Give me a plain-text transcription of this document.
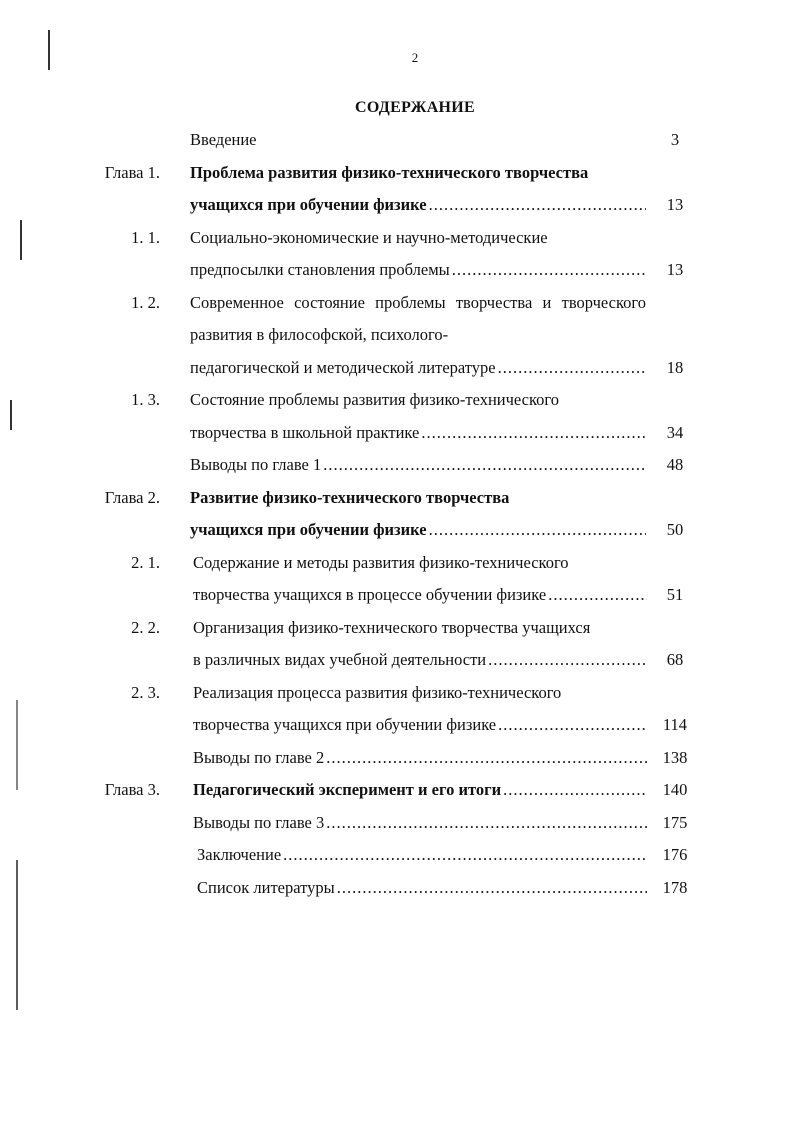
2
СОДЕРЖАНИЕ
Введение	3
Глава 1. Проблема развития физико-технического творчества
учащихся при обучении физике .....	13
1. 1. Социально-экономические и научно-методические
предпосылки становления проблемы .....	13
1. 2. Современное состояние проблемы творчества и творческого развития в философской, психолого-
педагогической и методической литературе .....	18
1. 3. Состояние проблемы развития физико-технического
творчества в школьной практике .....	34
Выводы по главе 1 .....	48
Глава 2. Развитие физико-технического творчества
учащихся при обучении физике .....	50
2. 1. Содержание и методы развития физико-технического
творчества учащихся в процессе обучении физике .....	51
2. 2. Организация физико-технического творчества учащихся
в различных видах учебной деятельности .....	68
2. 3. Реализация процесса развития физико-технического
творчества учащихся при обучении физике .....	114
Выводы по главе 2 .....	138
Глава 3. Педагогический эксперимент и его итоги .....	140
Выводы по главе 3 .....	175
Заключение .....	176
Список литературы .....	178
